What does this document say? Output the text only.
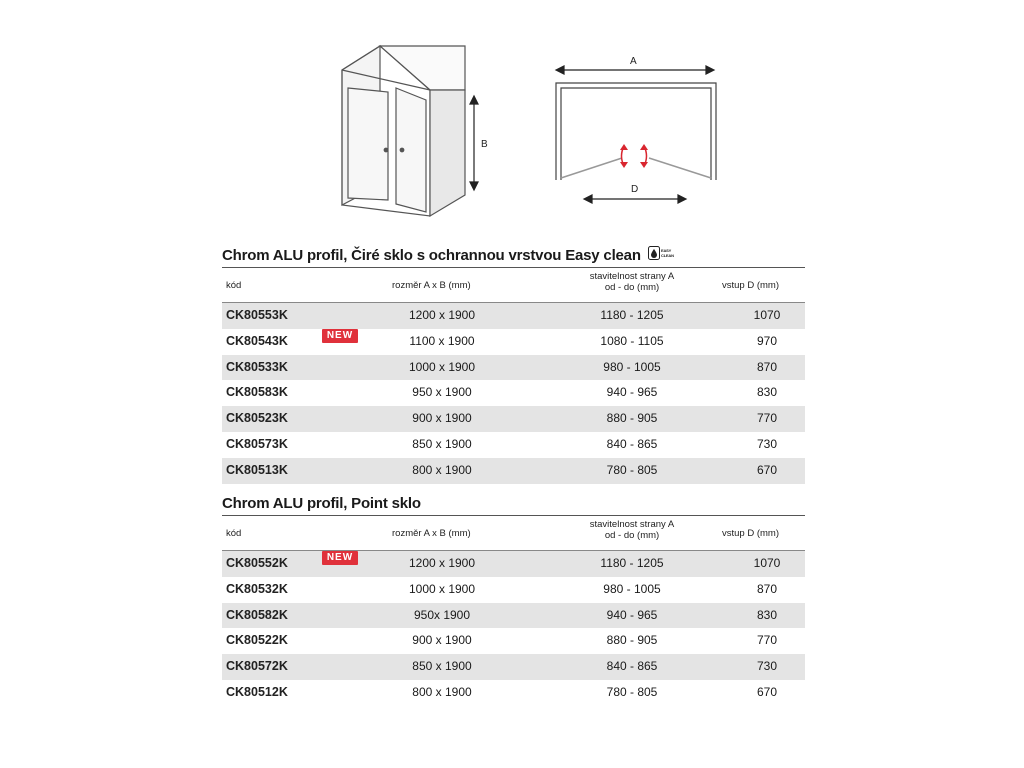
B
A
D
Chrom ALU profil, Čiré sklo s ochrannou vrstvou Easy clean	EASY
CLEAN
kód	rozměr A x B (mm)
stavitelnost strany A
od - do (mm)	vstup D (mm)
CK80553K	1200 x 1900	1180 - 1205	1070
CK80543K	NEW	1100 x 1900	1080 - 1105	970
CK80533K	1000 x 1900	980 - 1005	870
CK80583K	950 x 1900	940 - 965	830
CK80523K	900 x 1900	880 - 905	770
CK80573K	850 x 1900	840 - 865	730
CK80513K	800 x 1900	780 - 805	670
Chrom ALU profil, Point sklo
kód	rozměr A x B (mm)
stavitelnost strany A
od - do (mm)	vstup D (mm)
CK80552K	NEW	1200 x 1900	1180 - 1205	1070
CK80532K	1000 x 1900	980 - 1005	870
CK80582K	950x 1900	940 - 965	830
CK80522K	900 x 1900	880 - 905	770
CK80572K	850 x 1900	840 - 865	730
CK80512K	800 x 1900	780 - 805	670
